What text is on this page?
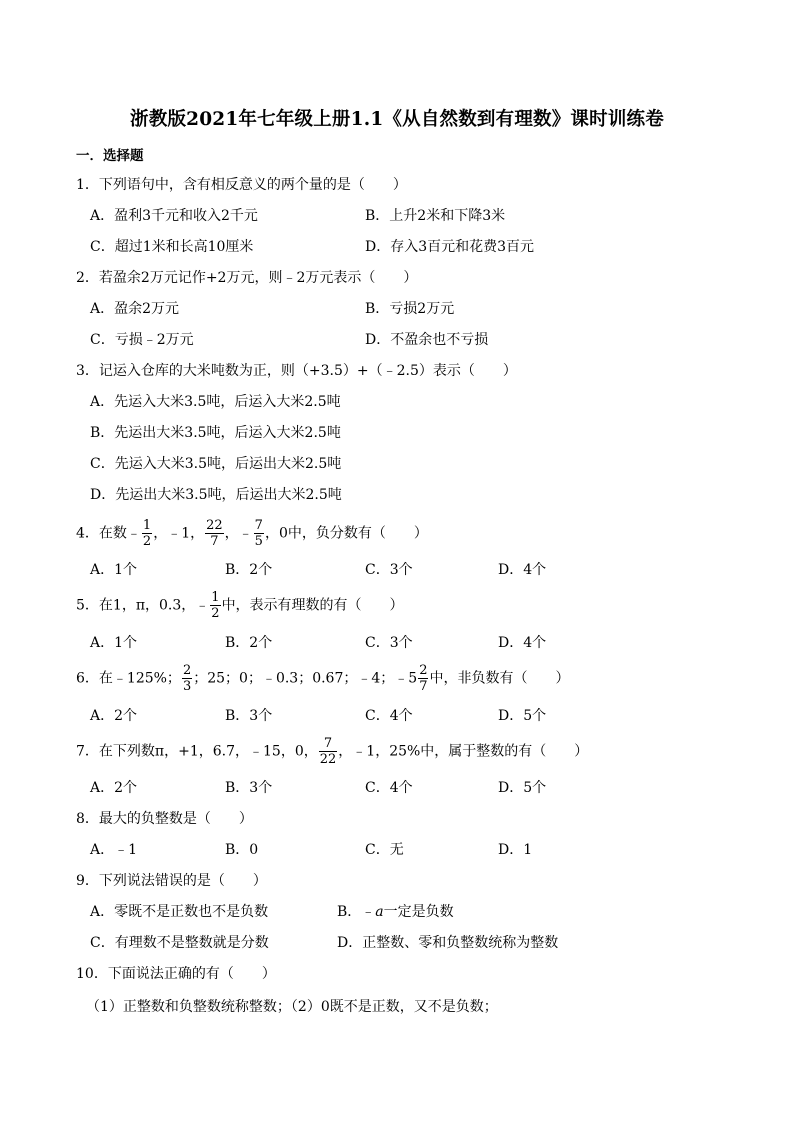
浙教版2021年七年级上册1.1《从自然数到有理数》课时训练卷
一．选择题
1．下列语句中，含有相反意义的两个量的是（　　）
A．盈利3千元和收入2千元	B．上升2米和下降3米
C．超过1米和长高10厘米	D．存入3百元和花费3百元
2．若盈余2万元记作+2万元，则﹣2万元表示（　　）
A．盈余2万元	B．亏损2万元
C．亏损﹣2万元	D．不盈余也不亏损
3．记运入仓库的大米吨数为正，则（+3.5）+（﹣2.5）表示（　　）
A．先运入大米3.5吨，后运入大米2.5吨
B．先运出大米3.5吨，后运入大米2.5吨
C．先运入大米3.5吨，后运出大米2.5吨
D．先运出大米3.5吨，后运出大米2.5吨
4．在数﹣ $\frac{1}{2}$ ，﹣1， $\frac{22}{7}$ ，﹣ $\frac{7}{5}$ ，0中，负分数有（　　）
A．1个	B．2个	C．3个	D．4个
5．在1，π，0.3，﹣ $\frac{1}{2}$ 中，表示有理数的有（　　）
A．1个	B．2个	C．3个	D．4个
6．在﹣125%； $\frac{2}{3}$ ；25；0；﹣0.3；0.67；﹣4；﹣5 $\frac{2}{7}$ 中，非负数有（　　）
A．2个	B．3个	C．4个	D．5个
7．在下列数π，+1，6.7，﹣15，0， $\frac{7}{22}$ ，﹣1，25%中，属于整数的有（　　）
A．2个	B．3个	C．4个	D．5个
8．最大的负整数是（　　）
A．﹣1	B．0	C．无	D．1
9．下列说法错误的是（　　）
A．零既不是正数也不是负数	B．﹣a一定是负数
C．有理数不是整数就是分数	D．正整数、零和负整数统称为整数
10．下面说法正确的有（　　）
（1）正整数和负整数统称整数；（2）0既不是正数，又不是负数；
